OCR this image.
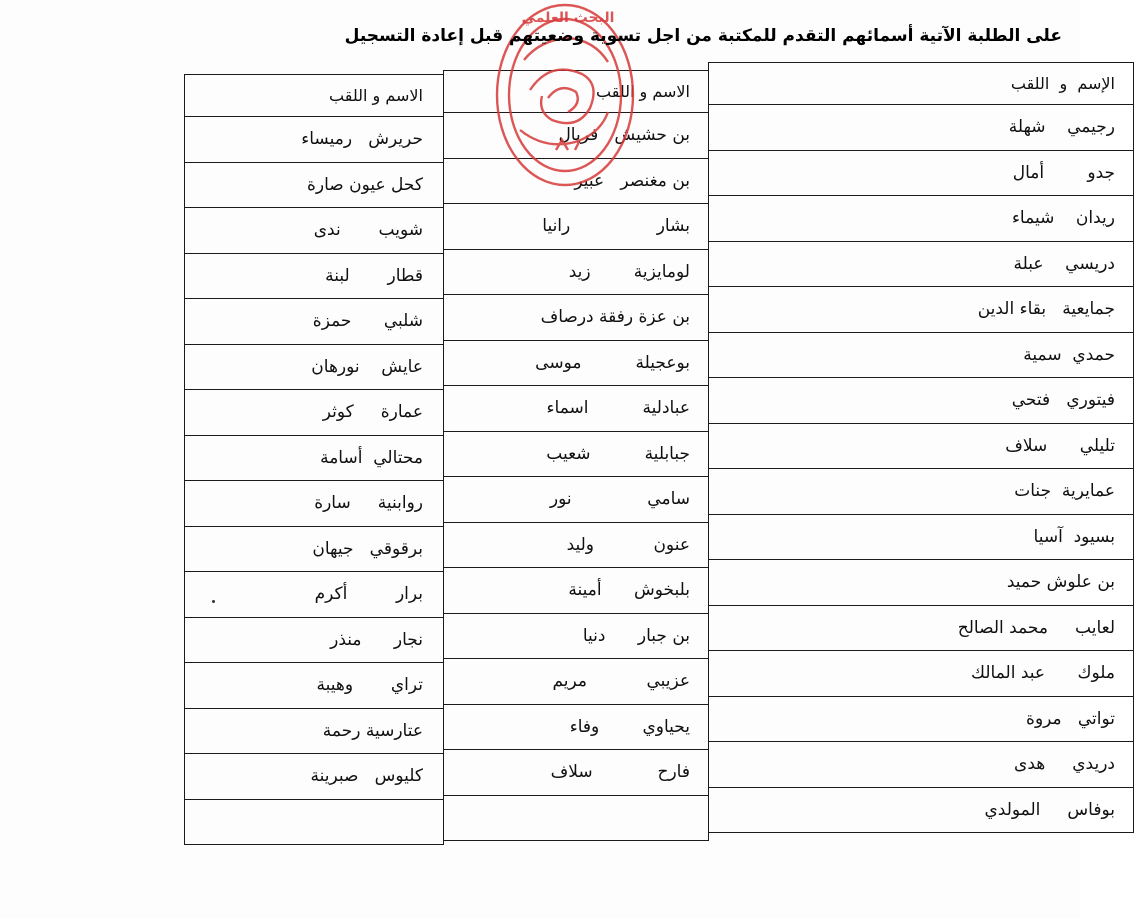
على الطلبة الآتية أسمائهم التقدم للمكتبة من اجل تسوية وضعيتهم قبل إعادة التسجيل
البحث العلمي
الإسم  و  اللقب
رجيمي    شهلة
جدو        أمال
ريدان    شيماء
دريسي    عبلة
جمايعية   بقاء الدين
حمدي  سمية
فيتوري   فتحي
تليلي      سلاف
عمايرية  جنات
بسيود  آسيا
بن علوش حميد
لعايب     محمد الصالح
ملوك      عبد المالك
تواتي   مروة
دريدي     هدى
بوفاس     المولدي
الاسم و اللقب
بن حشيش   فريال
بن مغنصر   عبير
بشار                رانيا
لومايزية        زيد
بن عزة رفقة درصاف
بوعجيلة          موسى
عبادلية          اسماء
جبابلية          شعيب
سامي              نور
عنون           وليد
بلبخوش      أمينة
بن جبار      دنيا
عزيبي           مريم
يحياوي        وفاء
فارح            سلاف
الاسم و اللقب
حريرش   رميساء
كحل عيون صارة
شويب       ندى
قطار       لبنة
شلبي      حمزة
عايش    نورهان
عمارة     كوثر
محتالي  أسامة
روابنية     سارة
برقوقي   جيهان
برار         أكرم
نجار      منذر
تراي       وهيبة
عتارسية رحمة
كليوس   صبرينة
